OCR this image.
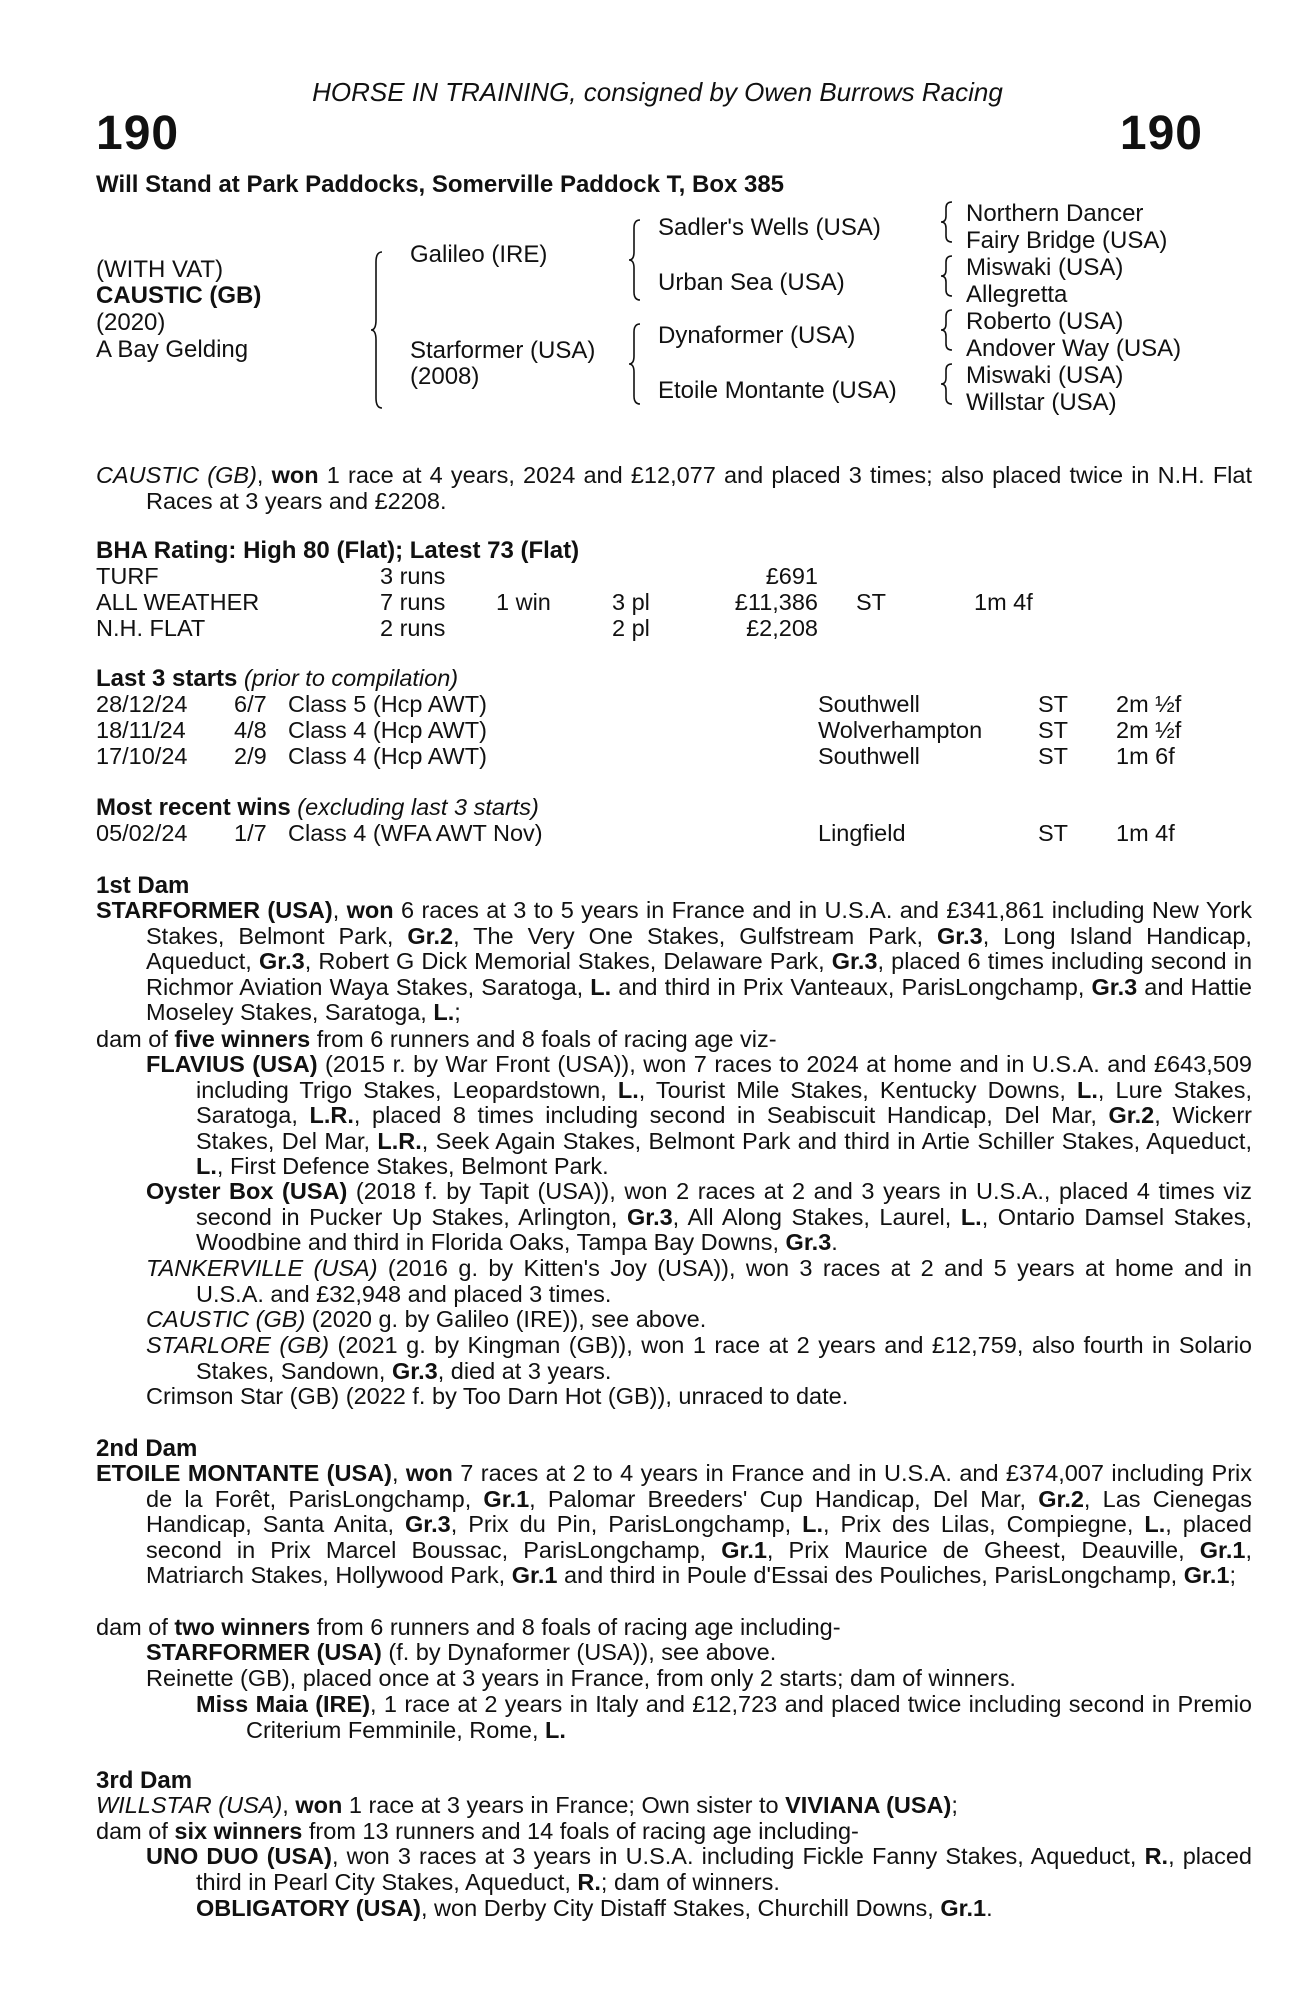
HORSE IN TRAINING, consigned by Owen Burrows Racing
190	190
Will Stand at Park Paddocks, Somerville Paddock T, Box 385
(WITH VAT)
CAUSTIC (GB)
(2020)
A Bay Gelding
Galileo (IRE)
Starformer (USA)
(2008)
Sadler's Wells (USA)
Urban Sea (USA)
Dynaformer (USA)
Etoile Montante (USA)
Northern Dancer
Fairy Bridge (USA)
Miswaki (USA)
Allegretta
Roberto (USA)
Andover Way (USA)
Miswaki (USA)
Willstar (USA)
CAUSTIC (GB), won 1 race at 4 years, 2024 and £12,077 and placed 3 times; also placed twice in N.H. Flat Races at 3 years and £2208.
BHA Rating: High 80 (Flat); Latest 73 (Flat)
TURF	3 runs	£691
ALL WEATHER	7 runs 1 win	3 pl	£11,386 ST	1m 4f
N.H. FLAT	2 runs	2 pl	£2,208
Last 3 starts (prior to compilation)
28/12/24 6/7 Class 5 (Hcp AWT)	Southwell	ST 2m ½f
18/11/24 4/8 Class 4 (Hcp AWT)	Wolverhampton ST 2m ½f
17/10/24 2/9 Class 4 (Hcp AWT)	Southwell	ST 1m 6f
Most recent wins (excluding last 3 starts)
05/02/24 1/7 Class 4 (WFA AWT Nov)	Lingfield	ST 1m 4f
1st Dam
STARFORMER (USA), won 6 races at 3 to 5 years in France and in U.S.A. and £341,861 including New York Stakes, Belmont Park, Gr.2, The Very One Stakes, Gulfstream Park, Gr.3, Long Island Handicap, Aqueduct, Gr.3, Robert G Dick Memorial Stakes, Delaware Park, Gr.3, placed 6 times including second in Richmor Aviation Waya Stakes, Saratoga, L. and third in Prix Vanteaux, ParisLongchamp, Gr.3 and Hattie Moseley Stakes, Saratoga, L.;
dam of five winners from 6 runners and 8 foals of racing age viz-
FLAVIUS (USA) (2015 r. by War Front (USA)), won 7 races to 2024 at home and in U.S.A. and £643,509 including Trigo Stakes, Leopardstown, L., Tourist Mile Stakes, Kentucky Downs, L., Lure Stakes, Saratoga, L.R., placed 8 times including second in Seabiscuit Handicap, Del Mar, Gr.2, Wickerr Stakes, Del Mar, L.R., Seek Again Stakes, Belmont Park and third in Artie Schiller Stakes, Aqueduct, L., First Defence Stakes, Belmont Park.
Oyster Box (USA) (2018 f. by Tapit (USA)), won 2 races at 2 and 3 years in U.S.A., placed 4 times viz second in Pucker Up Stakes, Arlington, Gr.3, All Along Stakes, Laurel, L., Ontario Damsel Stakes, Woodbine and third in Florida Oaks, Tampa Bay Downs, Gr.3.
TANKERVILLE (USA) (2016 g. by Kitten's Joy (USA)), won 3 races at 2 and 5 years at home and in U.S.A. and £32,948 and placed 3 times.
CAUSTIC (GB) (2020 g. by Galileo (IRE)), see above.
STARLORE (GB) (2021 g. by Kingman (GB)), won 1 race at 2 years and £12,759, also fourth in Solario Stakes, Sandown, Gr.3, died at 3 years.
Crimson Star (GB) (2022 f. by Too Darn Hot (GB)), unraced to date.
2nd Dam
ETOILE MONTANTE (USA), won 7 races at 2 to 4 years in France and in U.S.A. and £374,007 including Prix de la Forêt, ParisLongchamp, Gr.1, Palomar Breeders' Cup Handicap, Del Mar, Gr.2, Las Cienegas Handicap, Santa Anita, Gr.3, Prix du Pin, ParisLongchamp, L., Prix des Lilas, Compiegne, L., placed second in Prix Marcel Boussac, ParisLongchamp, Gr.1, Prix Maurice de Gheest, Deauville, Gr.1, Matriarch Stakes, Hollywood Park, Gr.1 and third in Poule d'Essai des Pouliches, ParisLongchamp, Gr.1;
dam of two winners from 6 runners and 8 foals of racing age including-
STARFORMER (USA) (f. by Dynaformer (USA)), see above.
Reinette (GB), placed once at 3 years in France, from only 2 starts; dam of winners.
Miss Maia (IRE), 1 race at 2 years in Italy and £12,723 and placed twice including second in Premio Criterium Femminile, Rome, L.
3rd Dam
WILLSTAR (USA), won 1 race at 3 years in France; Own sister to VIVIANA (USA);
dam of six winners from 13 runners and 14 foals of racing age including-
UNO DUO (USA), won 3 races at 3 years in U.S.A. including Fickle Fanny Stakes, Aqueduct, R., placed third in Pearl City Stakes, Aqueduct, R.; dam of winners.
OBLIGATORY (USA), won Derby City Distaff Stakes, Churchill Downs, Gr.1.
